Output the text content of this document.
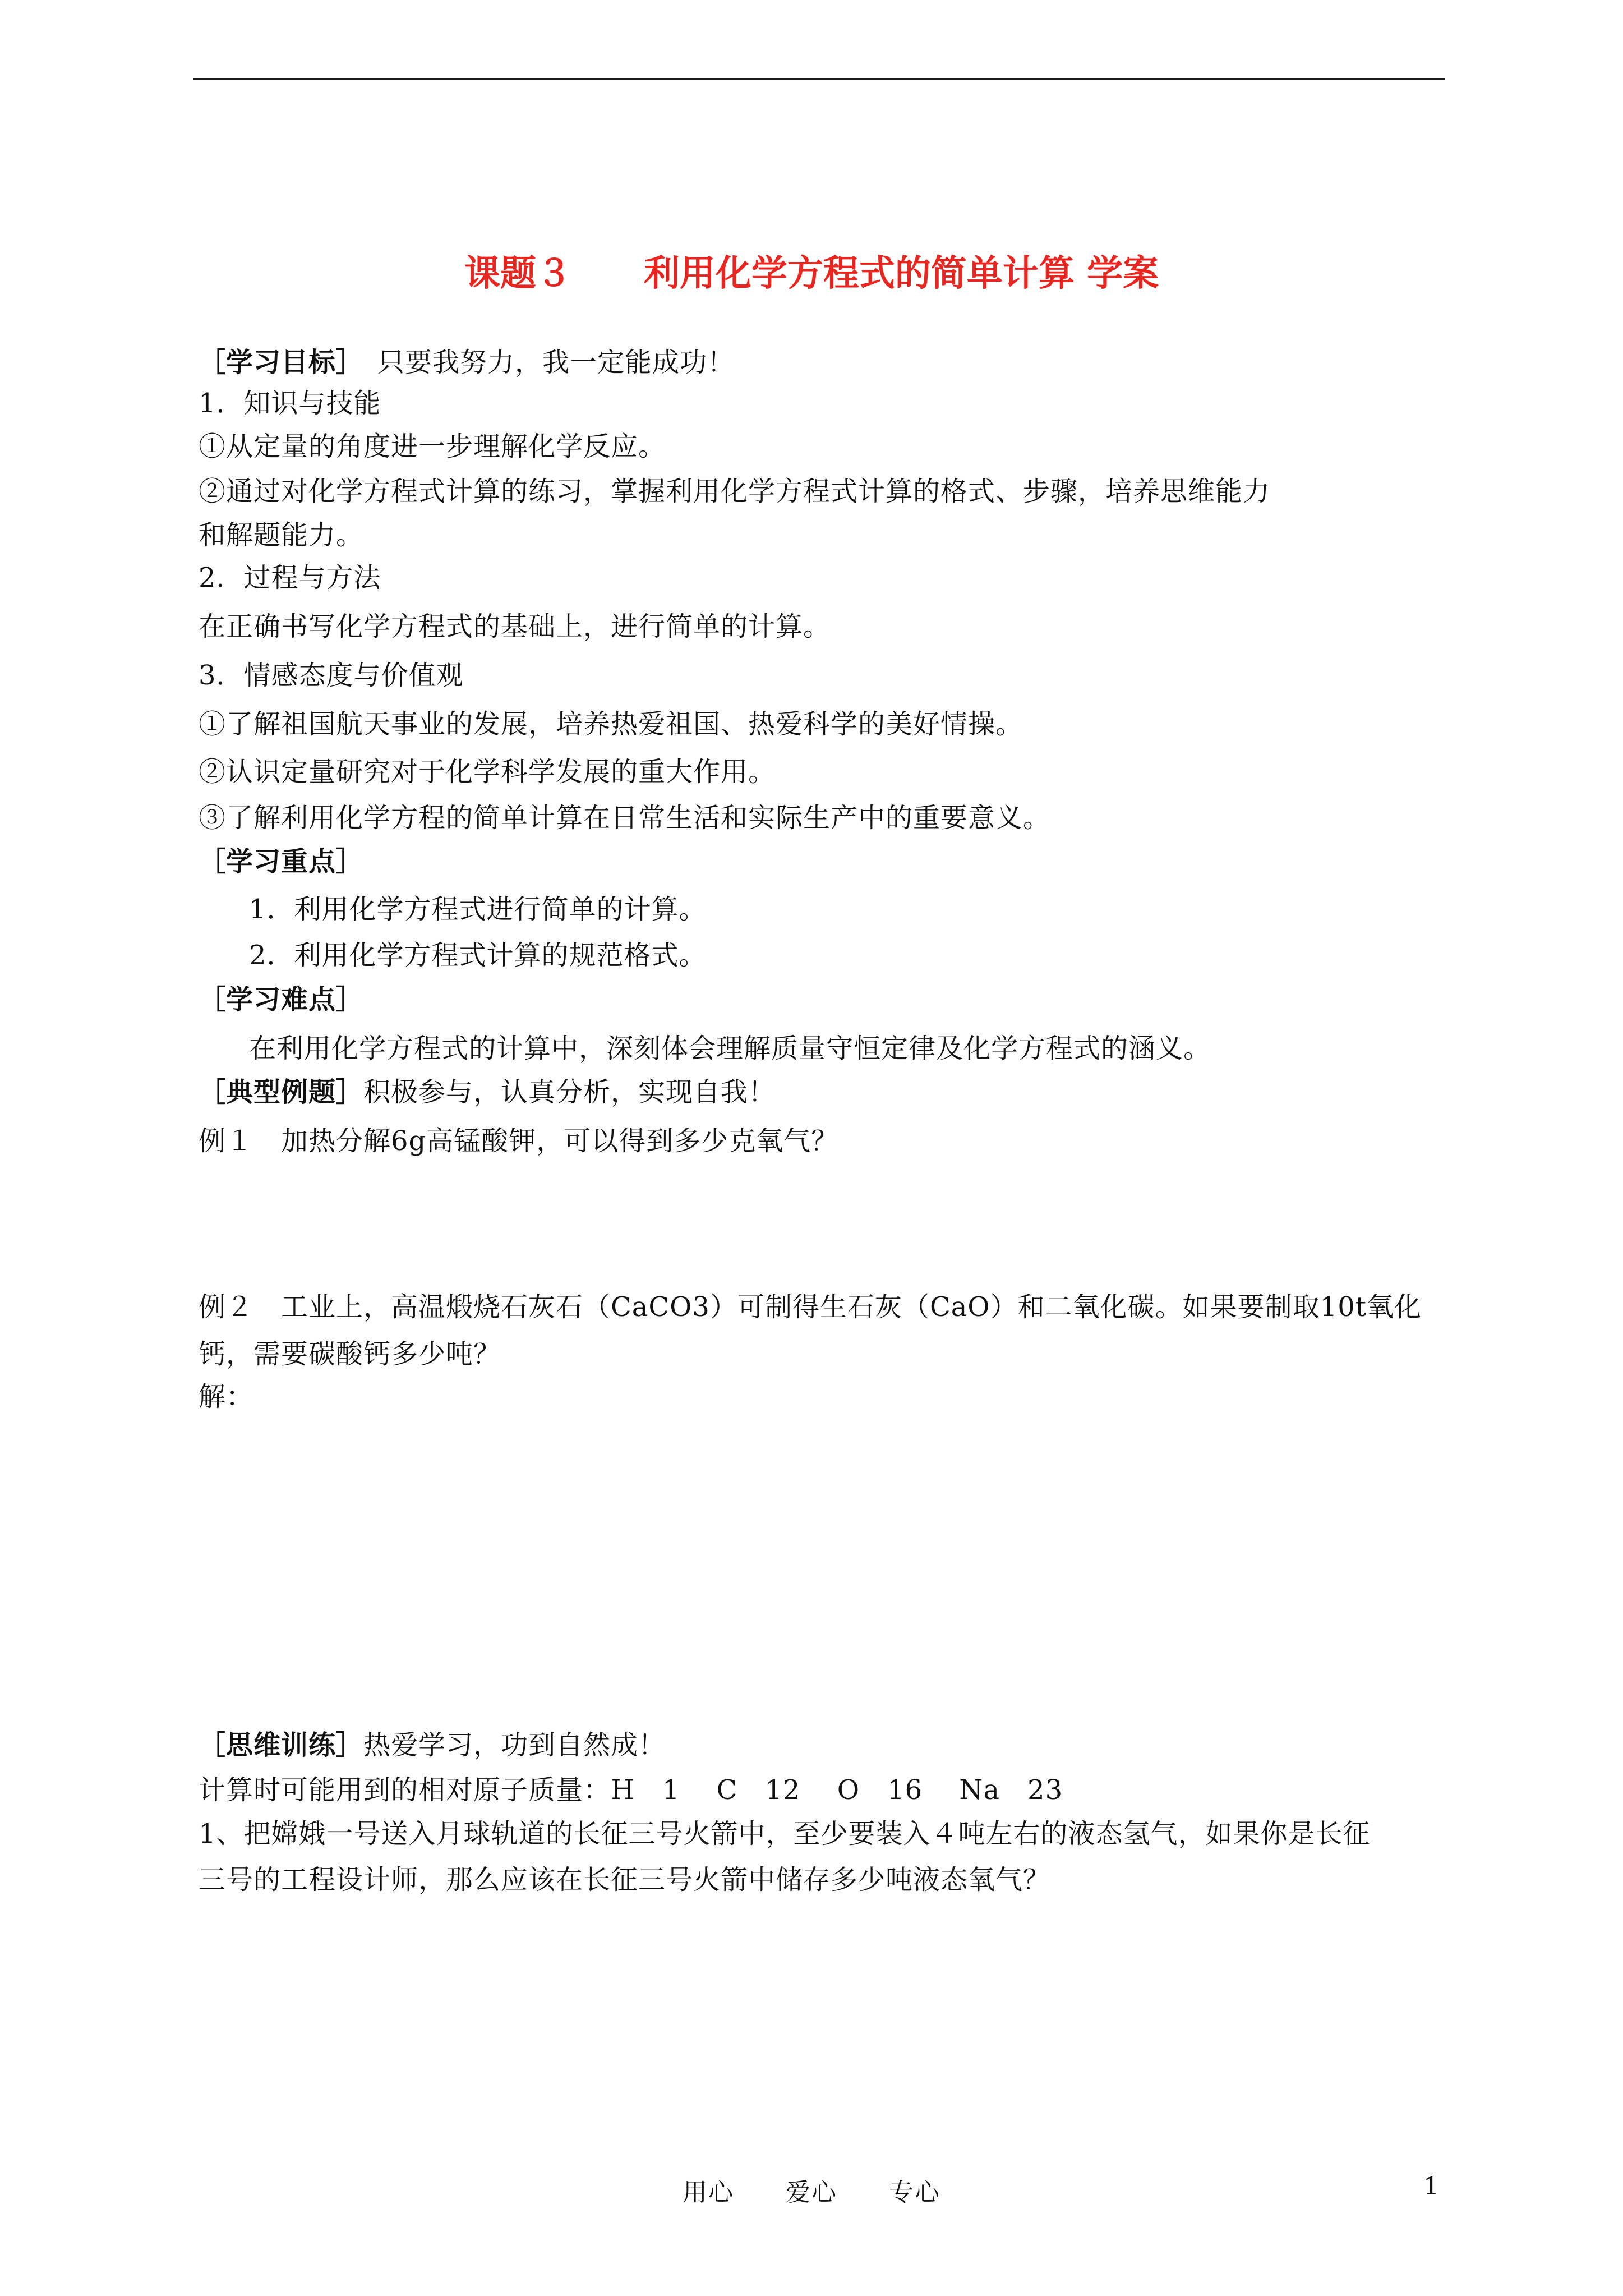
课题３　　利用化学方程式的简单计算 学案
［学习目标］　 只要我努力，我一定能成功！
1．知识与技能
①从定量的角度进一步理解化学反应。
②通过对化学方程式计算的练习，掌握利用化学方程式计算的格式、步骤，培养思维能力
和解题能力。
2．过程与方法
在正确书写化学方程式的基础上，进行简单的计算。
3．情感态度与价值观
①了解祖国航天事业的发展，培养热爱祖国、热爱科学的美好情操。
②认识定量研究对于化学科学发展的重大作用。
③了解利用化学方程的简单计算在日常生活和实际生产中的重要意义。
［学习重点］
1．利用化学方程式进行简单的计算。
2．利用化学方程式计算的规范格式。
［学习难点］
在利用化学方程式的计算中，深刻体会理解质量守恒定律及化学方程式的涵义。
［典型例题］积极参与，认真分析，实现自我！
例１　加热分解6g高锰酸钾，可以得到多少克氧气？
例２　工业上，高温煅烧石灰石（CaCO3）可制得生石灰（CaO）和二氧化碳。如果要制取10t氧化
钙，需要碳酸钙多少吨？
解：
［思维训练］热爱学习，功到自然成！
计算时可能用到的相对原子质量：H　1　 C　12　 O　16　 Na　23
1、把嫦娥一号送入月球轨道的长征三号火箭中，至少要装入４吨左右的液态氢气，如果你是长征
三号的工程设计师，那么应该在长征三号火箭中储存多少吨液态氧气？
用心　　爱心　　专心	1
